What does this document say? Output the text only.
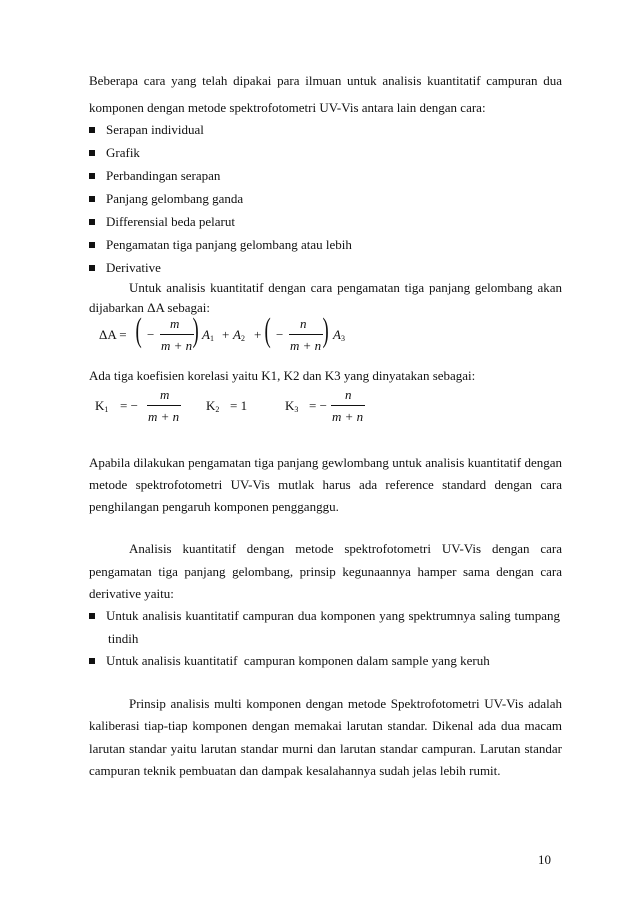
Beberapa cara yang telah dipakai para ilmuan untuk analisis kuantitatif campuran dua
komponen dengan metode spektrofotometri UV-Vis antara lain dengan cara:
Serapan individual
Grafik
Perbandingan serapan
Panjang gelombang ganda
Differensial beda pelarut
Pengamatan tiga panjang gelombang atau lebih
Derivative
Untuk analisis kuantitatif dengan cara pengamatan tiga panjang gelombang akan
dijabarkan ΔA sebagai:
ΔA = ( −
m
m + n ) $A_1 + A_2$ + ( −
n
m + n ) $A_3$
Ada tiga koefisien korelasi yaitu K1, K2 dan K3 yang dinyatakan sebagai:
$K_1$ = −
m
m + n
$K_2 = 1$	$K_3$ = −
n
m + n
Apabila dilakukan pengamatan tiga panjang gewlombang untuk analisis kuantitatif dengan
metode spektrofotometri UV-Vis mutlak harus ada reference standard dengan cara
penghilangan pengaruh komponen pengganggu.
Analisis kuantitatif dengan metode spektrofotometri UV-Vis dengan cara
pengamatan tiga panjang gelombang, prinsip kegunaannya hamper sama dengan cara
derivative yaitu:
Untuk analisis kuantitatif campuran dua komponen yang spektrumnya saling tumpang
tindih
Untuk analisis kuantitatif  campuran komponen dalam sample yang keruh
Prinsip analisis multi komponen dengan metode Spektrofotometri UV-Vis adalah
kaliberasi tiap-tiap komponen dengan memakai larutan standar. Dikenal ada dua macam
larutan standar yaitu larutan standar murni dan larutan standar campuran. Larutan standar
campuran teknik pembuatan dan dampak kesalahannya sudah jelas lebih rumit.
10
